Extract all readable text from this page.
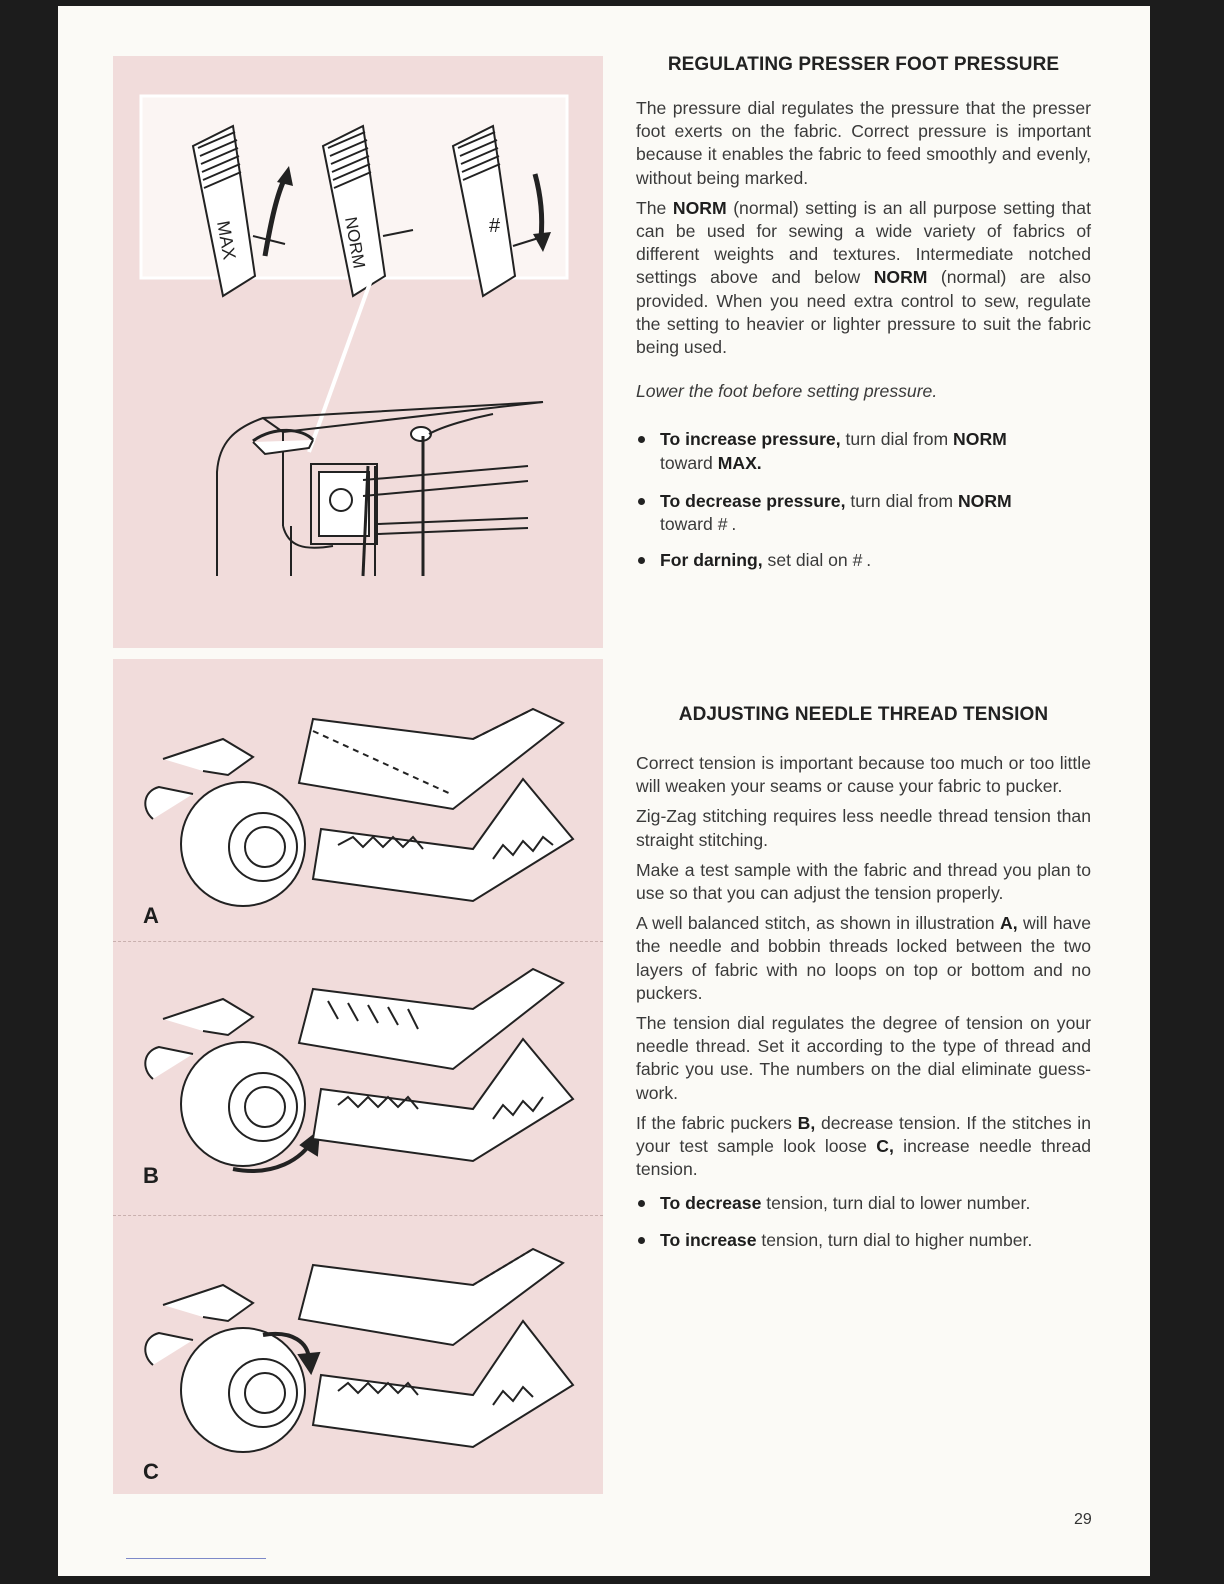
MAX	NORM	#
A
B
C
REGULATING PRESSER FOOT PRESSURE

The pressure dial regulates the pressure that the presser foot exerts on the fabric. Correct pressure is important because it enables the fabric to feed smoothly and evenly, without being marked.

The NORM (normal) setting is an all purpose setting that can be used for sewing a wide variety of fabrics of different weights and textures. Intermediate notched settings above and below NORM (normal) are also provided. When you need extra control to sew, regulate the setting to heavier or lighter pressure to suit the fabric being used.

Lower the foot before setting pressure.

To increase pressure, turn dial from NORM
toward MAX.

To decrease pressure, turn dial from NORM
toward # .

For darning, set dial on # .

ADJUSTING NEEDLE THREAD TENSION

Correct tension is important because too much or too little will weaken your seams or cause your fabric to pucker.

Zig-Zag stitching requires less needle thread tension than straight stitching.

Make a test sample with the fabric and thread you plan to use so that you can adjust the tension properly.

A well balanced stitch, as shown in illustration A, will have the needle and bobbin threads locked between the two layers of fabric with no loops on top or bottom and no puckers.

The tension dial regulates the degree of tension on your needle thread. Set it according to the type of thread and fabric you use. The numbers on the dial eliminate guess-work.

If the fabric puckers B, decrease tension. If the stitches in your test sample look loose C, increase needle thread tension.

To decrease tension, turn dial to lower number.

To increase tension, turn dial to higher number.

29
